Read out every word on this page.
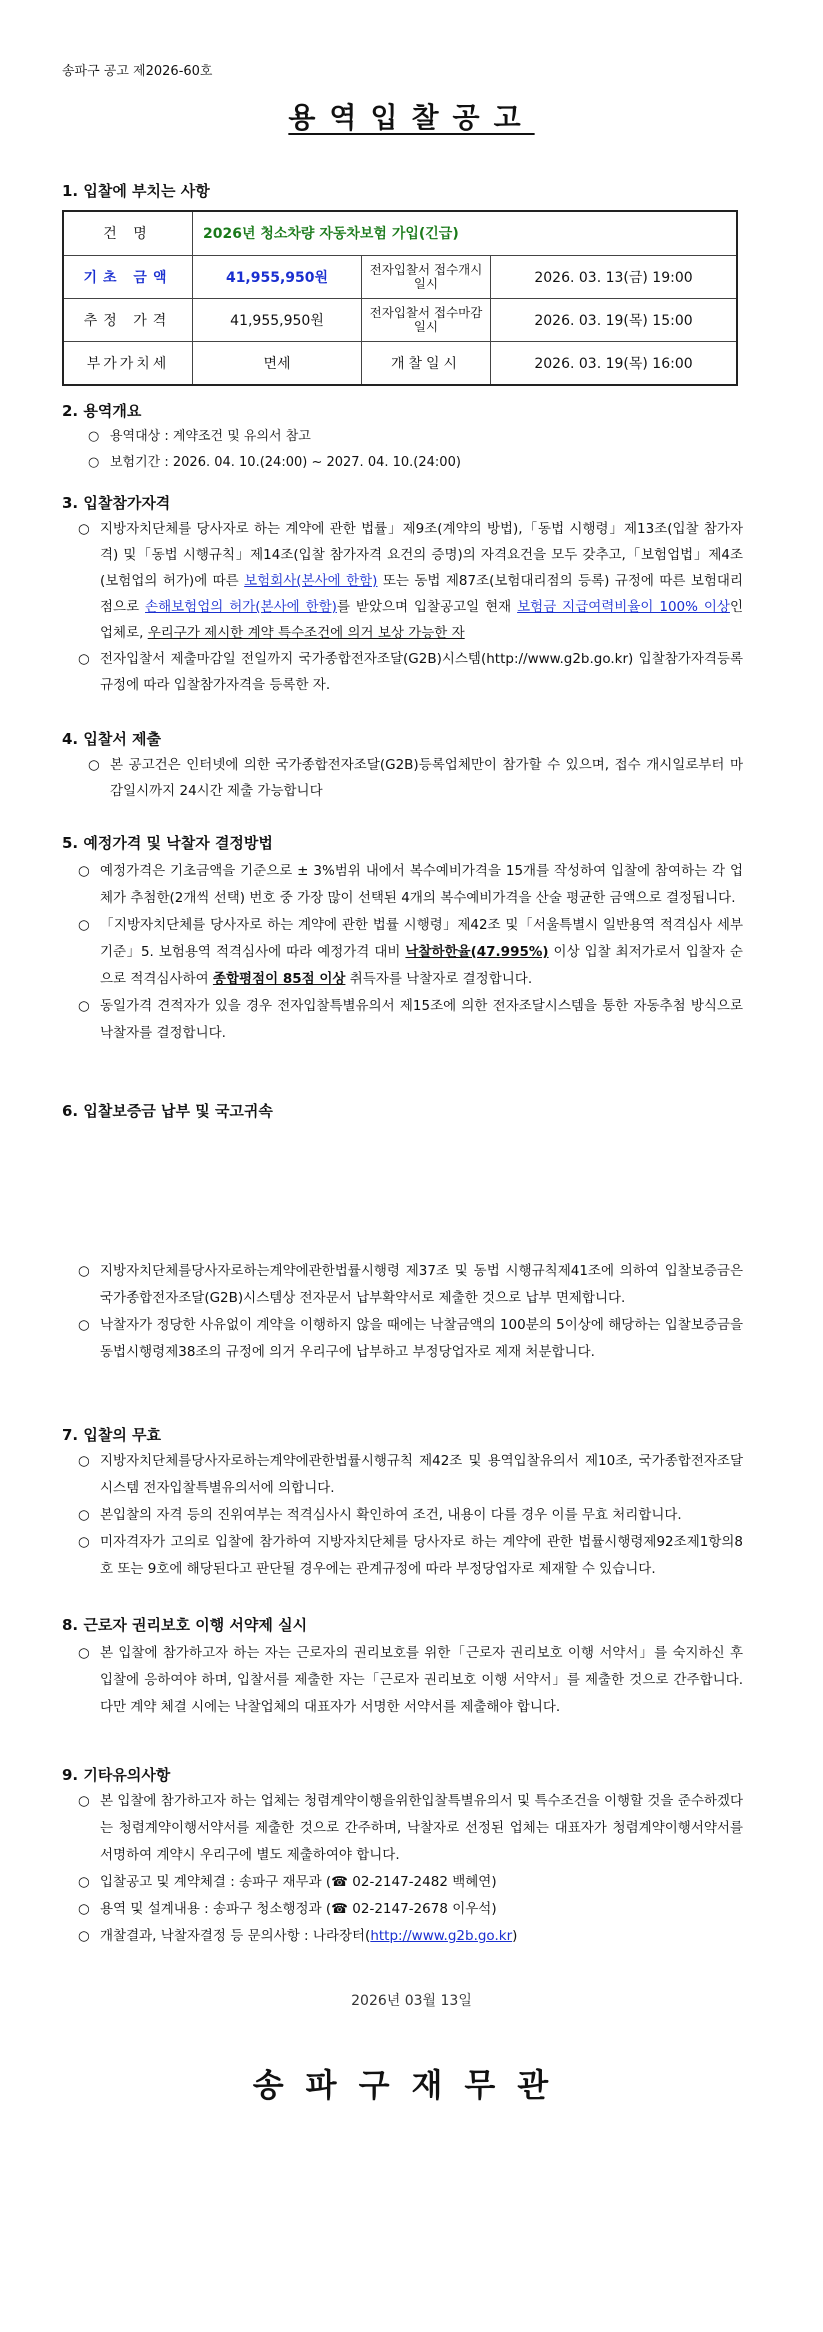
송파구 공고 제2026-60호
용역입찰공고
1. 입찰에 부치는 사항
건 명	2026년 청소차량 자동차보험 가입(긴급)		
기초 금액	41,955,950원	전자입찰서 접수개시일시	2026. 03. 13(금) 19:00
추정 가격	41,955,950원	전자입찰서 접수마감일시	2026. 03. 19(목) 15:00
부가가치세	면세	개찰일시	2026. 03. 19(목) 16:00
2. 용역개요
○ 용역대상 : 계약조건 및 유의서 참고
○ 보험기간 : 2026. 04. 10.(24:00) ~ 2027. 04. 10.(24:00)
3. 입찰참가자격
○ 지방자치단체를 당사자로 하는 계약에 관한 법률」제9조(계약의 방법),「동법 시행령」제13조(입찰 참가자격) 및「동법 시행규칙」제14조(입찰 참가자격 요건의 증명)의 자격요건을 모두 갖추고,「보험업법」제4조(보험업의 허가)에 따른 보험회사(본사에 한함) 또는 동법 제87조(보험대리점의 등록) 규정에 따른 보험대리점으로 손해보험업의 허가(본사에 한함)를 받았으며 입찰공고일 현재 보험금 지급여력비율이 100% 이상인 업체로, 우리구가 제시한 계약 특수조건에 의거 보상 가능한 자
○ 전자입찰서 제출마감일 전일까지 국가종합전자조달(G2B)시스템(http://www.g2b.go.kr) 입찰참가자격등록규정에 따라 입찰참가자격을 등록한 자.
4. 입찰서 제출
○ 본 공고건은 인터넷에 의한 국가종합전자조달(G2B)등록업체만이 참가할 수 있으며, 접수 개시일로부터 마감일시까지 24시간 제출 가능합니다
5. 예정가격 및 낙찰자 결정방법
○ 예정가격은 기초금액을 기준으로 ± 3%범위 내에서 복수예비가격을 15개를 작성하여 입찰에 참여하는 각 업체가 추첨한(2개씩 선택) 번호 중 가장 많이 선택된 4개의 복수예비가격을 산술 평균한 금액으로 결정됩니다.
○ 「지방자치단체를 당사자로 하는 계약에 관한 법률 시행령」제42조 및「서울특별시 일반용역 적격심사 세부기준」5. 보험용역 적격심사에 따라 예정가격 대비 낙찰하한율(47.995%) 이상 입찰 최저가로서 입찰자 순으로 적격심사하여 종합평점이 85점 이상 취득자를 낙찰자로 결정합니다.
○ 동일가격 견적자가 있을 경우 전자입찰특별유의서 제15조에 의한 전자조달시스템을 통한 자동추첨 방식으로 낙찰자를 결정합니다.
6. 입찰보증금 납부 및 국고귀속
○ 지방자치단체를당사자로하는계약에관한법률시행령 제37조 및 동법 시행규칙제41조에 의하여 입찰보증금은 국가종합전자조달(G2B)시스템상 전자문서 납부확약서로 제출한 것으로 납부 면제합니다.
○ 낙찰자가 정당한 사유없이 계약을 이행하지 않을 때에는 낙찰금액의 100분의 5이상에 해당하는 입찰보증금을 동법시행령제38조의 규정에 의거 우리구에 납부하고 부정당업자로 제재 처분합니다.
7. 입찰의 무효
○ 지방자치단체를당사자로하는계약에관한법률시행규칙 제42조 및 용역입찰유의서 제10조, 국가종합전자조달시스템 전자입찰특별유의서에 의합니다.
○ 본입찰의 자격 등의 진위여부는 적격심사시 확인하여 조건, 내용이 다를 경우 이를 무효 처리합니다.
○ 미자격자가 고의로 입찰에 참가하여 지방자치단체를 당사자로 하는 계약에 관한 법률시행령제92조제1항의8호 또는 9호에 해당된다고 판단될 경우에는 관계규정에 따라 부정당업자로 제재할 수 있습니다.
8. 근로자 권리보호 이행 서약제 실시
○ 본 입찰에 참가하고자 하는 자는 근로자의 권리보호를 위한「근로자 권리보호 이행 서약서」를 숙지하신 후 입찰에 응하여야 하며, 입찰서를 제출한 자는「근로자 권리보호 이행 서약서」를 제출한 것으로 간주합니다. 다만 계약 체결 시에는 낙찰업체의 대표자가 서명한 서약서를 제출해야 합니다.
9. 기타유의사항
○ 본 입찰에 참가하고자 하는 업체는 청렴계약이행을위한입찰특별유의서 및 특수조건을 이행할 것을 준수하겠다는 청렴계약이행서약서를 제출한 것으로 간주하며, 낙찰자로 선정된 업체는 대표자가 청렴계약이행서약서를 서명하여 계약시 우리구에 별도 제출하여야 합니다.
○ 입찰공고 및 계약체결 : 송파구 재무과 (☎ 02-2147-2482 백혜연)
○ 용역 및 설계내용 : 송파구 청소행정과 (☎ 02-2147-2678 이우석)
○ 개찰결과, 낙찰자결정 등 문의사항 : 나라장터(http://www.g2b.go.kr)
2026년 03월 13일
송파구재무관
